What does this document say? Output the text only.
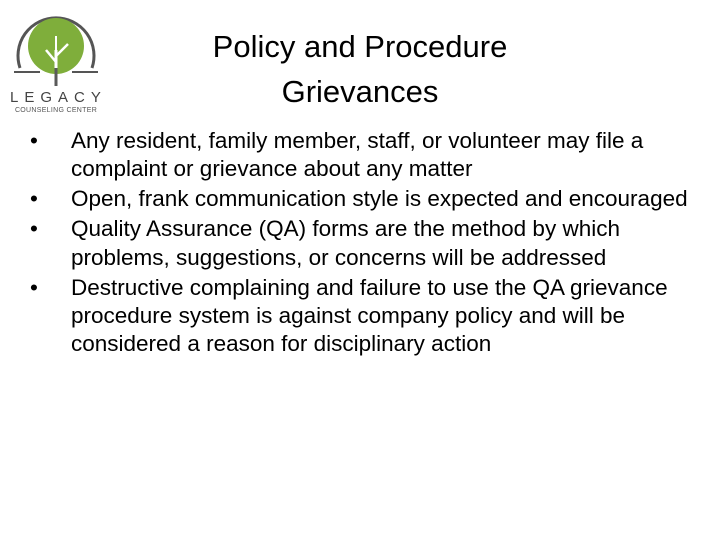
LEGACY
COUNSELING CENTER
Policy and Procedure
Grievances
•	Any resident, family member, staff, or volunteer may file a complaint or grievance about any matter
•	Open, frank communication style is expected and encouraged
•	Quality Assurance (QA) forms are the method by which problems, suggestions, or concerns will be addressed
•	Destructive complaining and failure to use the QA grievance procedure system is against company policy and will be considered a reason for disciplinary action
